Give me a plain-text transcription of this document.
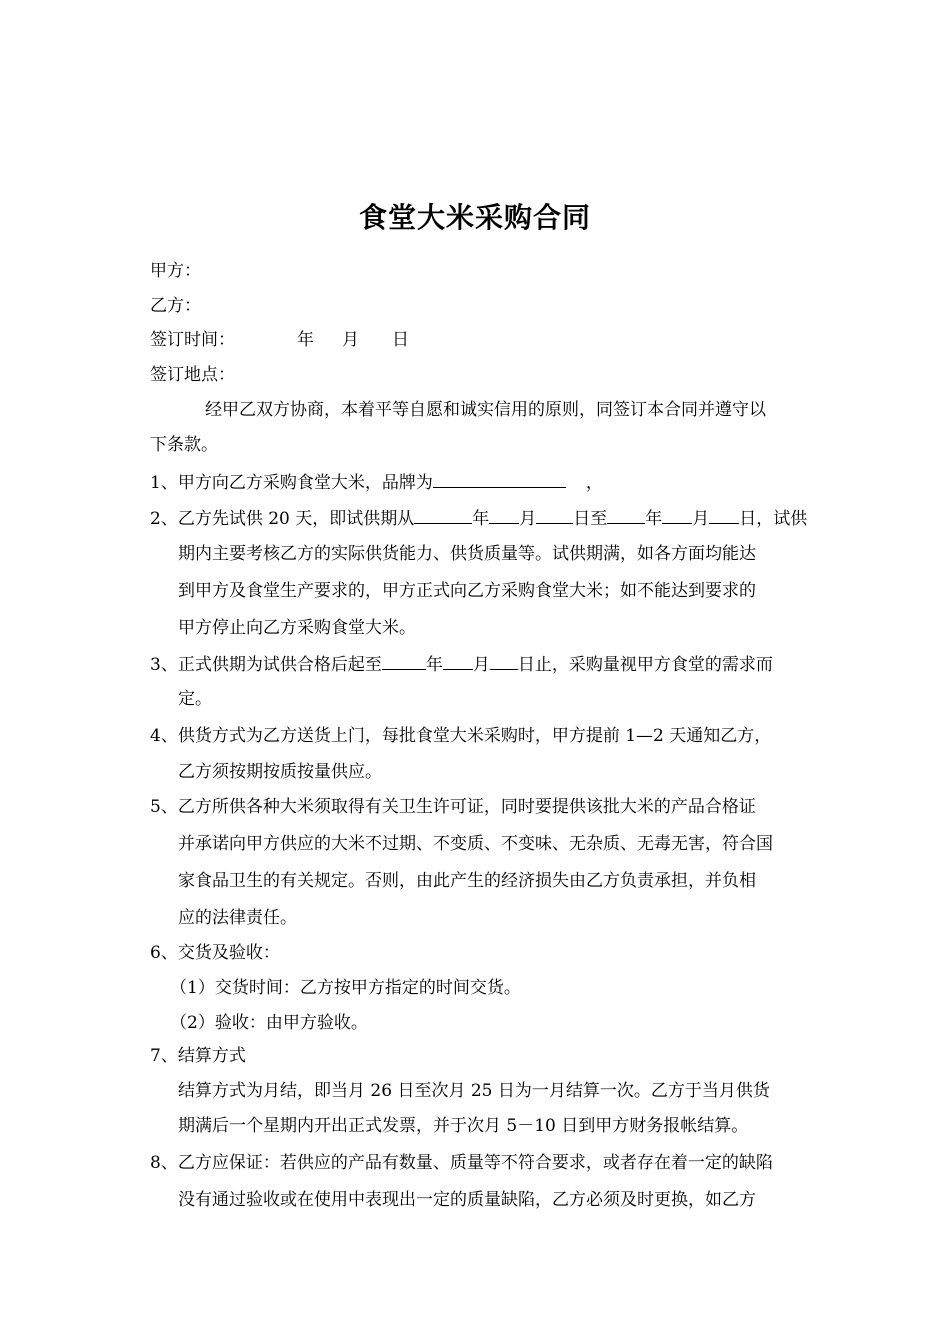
食堂大米采购合同
甲方：
乙方：
签订时间：	年 月 日
签订地点：
经甲乙双方协商，本着平等自愿和诚实信用的原则，同签订本合同并遵守以
下条款。
1、甲方向乙方采购食堂大米，品牌为	，
2、乙方先试供 20 天，即试供期从	年 月 日至 年 月 日，试供
期内主要考核乙方的实际供货能力、供货质量等。试供期满，如各方面均能达
到甲方及食堂生产要求的，甲方正式向乙方采购食堂大米；如不能达到要求的
甲方停止向乙方采购食堂大米。
3、正式供期为试供合格后起至	年 月 日止，采购量视甲方食堂的需求而
定。
4、供货方式为乙方送货上门，每批食堂大米采购时，甲方提前 1—2 天通知乙方，
乙方须按期按质按量供应。
5、乙方所供各种大米须取得有关卫生许可证，同时要提供该批大米的产品合格证
并承诺向甲方供应的大米不过期、不变质、不变味、无杂质、无毒无害，符合国
家食品卫生的有关规定。否则，由此产生的经济损失由乙方负责承担，并负相
应的法律责任。
6、交货及验收：
（1）交货时间：乙方按甲方指定的时间交货。
（2）验收：由甲方验收。
7、结算方式
结算方式为月结，即当月 26 日至次月 25 日为一月结算一次。乙方于当月供货
期满后一个星期内开出正式发票，并于次月 5－10 日到甲方财务报帐结算。
8、乙方应保证：若供应的产品有数量、质量等不符合要求，或者存在着一定的缺陷
没有通过验收或在使用中表现出一定的质量缺陷，乙方必须及时更换，如乙方
